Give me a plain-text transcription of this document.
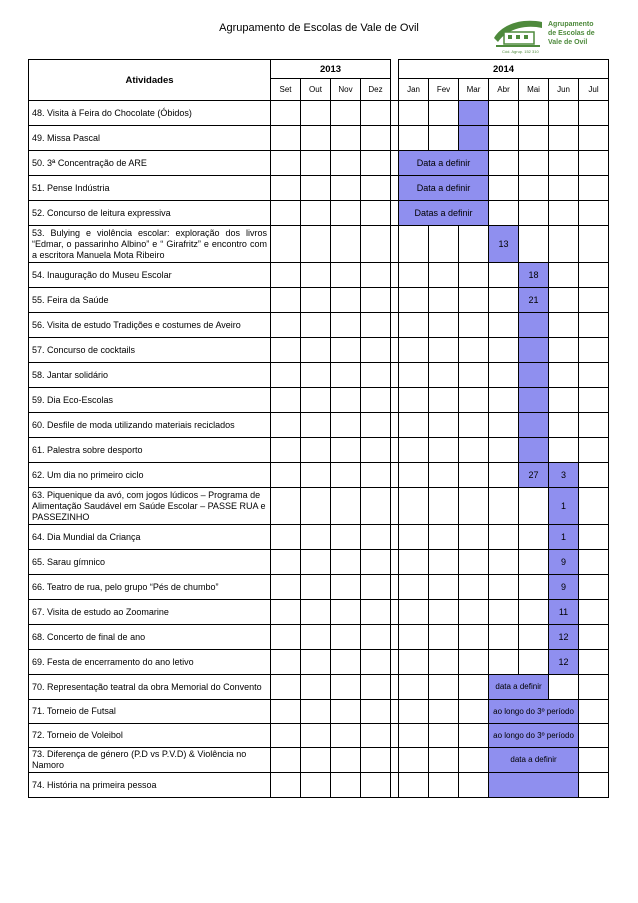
Agrupamento de Escolas de Vale de Ovil	Agrupamento
de Escolas de
Vale de Ovil
Cód. Agrup. 152 310
Atividades	2013					2014						
	Set	Out	Nov	Dez		Jan	Fev	Mar	Abr	Mai	Jun	Jul
48. Visita à Feira do Chocolate (Óbidos)												
49. Missa Pascal												
50. 3ª Concentração de ARE						Data a definir						
51. Pense Indústria						Data a definir						
52. Concurso de leitura expressiva						Datas a definir						
53. Bulying e violência escolar: exploração dos livros “Edmar, o passarinho Albino” e “ Girafritz” e encontro com a escritora Manuela Mota Ribeiro									13			
54. Inauguração do Museu Escolar										18		
55. Feira da Saúde										21		
56. Visita de estudo Tradições e costumes de Aveiro												
57. Concurso de cocktails												
58. Jantar solidário												
59. Dia Eco-Escolas												
60. Desfile de moda utilizando materiais reciclados												
61. Palestra sobre desporto												
62. Um dia no primeiro ciclo										27	3	
63. Piquenique da avó, com jogos lúdicos – Programa de Alimentação Saudável em Saúde Escolar – PASSE RUA e PASSEZINHO											1	
64. Dia Mundial da Criança											1	
65. Sarau gímnico											9	
66. Teatro de rua, pelo grupo “Pés de chumbo”											9	
67. Visita de estudo ao Zoomarine											11	
68. Concerto de final de ano											12	
69. Festa de encerramento do ano letivo											12	
70. Representação teatral da obra Memorial do Convento									data a definir			
71. Torneio de Futsal									ao longo do 3º período			
72. Torneio de Voleibol									ao longo do 3º período			
73. Diferença de género (P.D vs P.V.D) & Violência no Namoro									data a definir			
74. História na primeira pessoa												
